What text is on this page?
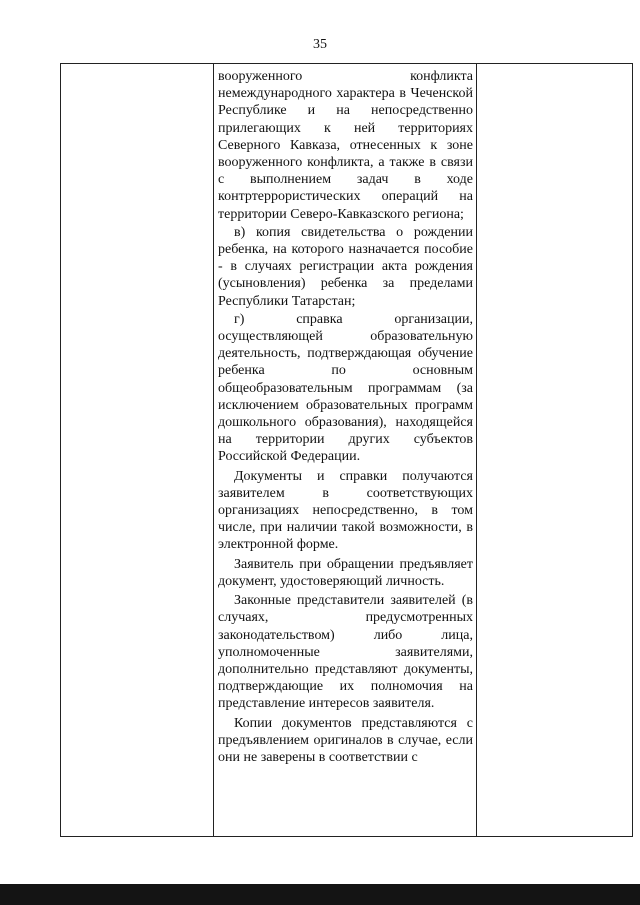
35

вооруженного конфликта немеждународного характера в Чеченской Республике и на непосредственно прилегающих к ней территориях Северного Кавказа, отнесенных к зоне вооруженного конфликта, а также в связи с выполнением задач в ходе контртеррористических операций на территории Северо-Кавказского региона;

в) копия свидетельства о рождении ребенка, на которого назначается пособие - в случаях регистрации акта рождения (усыновления) ребенка за пределами Республики Татарстан;

г) справка организации, осуществляющей образовательную деятельность, подтверждающая обучение ребенка по основным общеобразовательным программам (за исключением образовательных программ дошкольного образования), находящейся на территории других субъектов Российской Федерации.

Документы и справки получаются заявителем в соответствующих организациях непосредственно, в том числе, при наличии такой возможности, в электронной форме.

Заявитель при обращении предъявляет документ, удостоверяющий личность.

Законные представители заявителей (в случаях, предусмотренных законодательством) либо лица, уполномоченные заявителями, дополнительно представляют документы, подтверждающие их полномочия на представление интересов заявителя.

Копии документов представляются с предъявлением оригиналов в случае, если они не заверены в соответствии с
